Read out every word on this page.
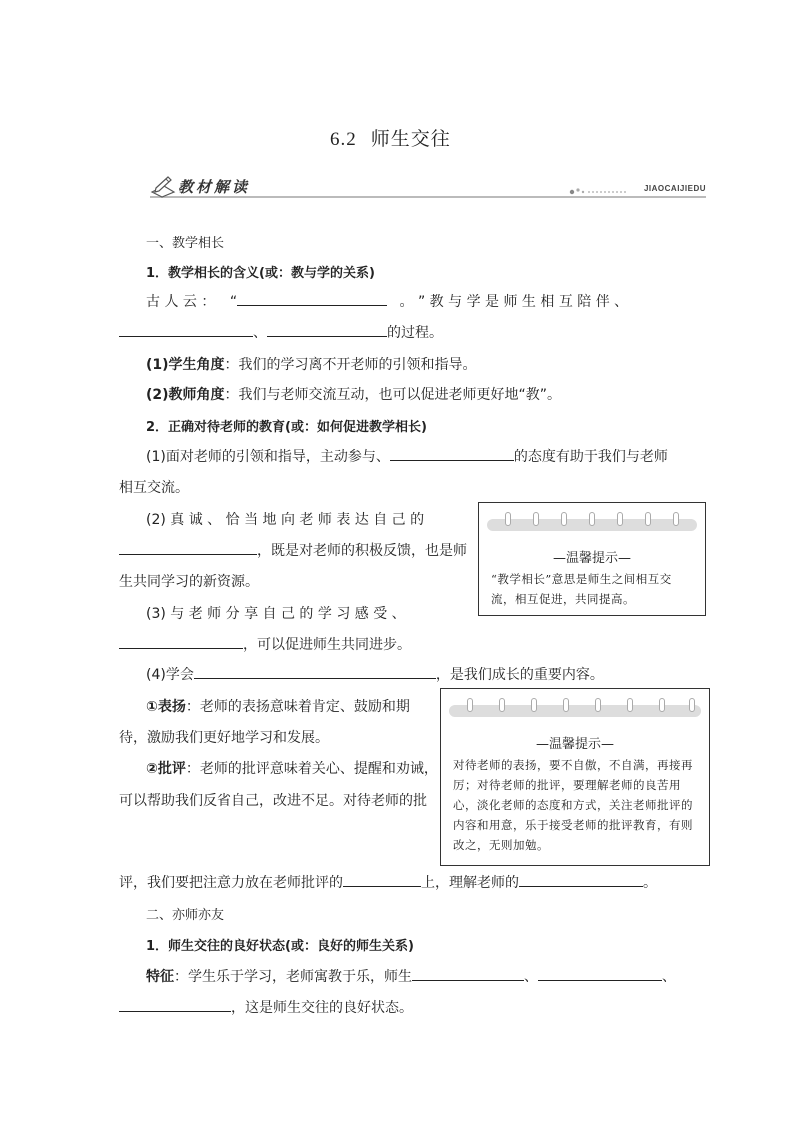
6.2 师生交往
教材解读	JIAOCAIJIEDU
一、教学相长
1．教学相长的含义(或：教与学的关系)
古 人 云 ： “	。 ” 教 与 学 是 师 生 相 互 陪 伴 、
、	的过程。
(1)学生角度：我们的学习离不开老师的引领和指导。
(2)教师角度：我们与老师交流互动，也可以促进老师更好地“教”。
2．正确对待老师的教育(或：如何促进教学相长)
(1)面对老师的引领和指导，主动参与、	的态度有助于我们与老师
相互交流。
(2) 真 诚 、 恰 当 地 向 老 师 表 达 自 己 的
，既是对老师的积极反馈，也是师
生共同学习的新资源。
(3) 与 老 师 分 享 自 己 的 学 习 感 受 、
，可以促进师生共同进步。
(4)学会	，是我们成长的重要内容。
①表扬：老师的表扬意味着肯定、鼓励和期
待，激励我们更好地学习和发展。
②批评：老师的批评意味着关心、提醒和劝诫，
可以帮助我们反省自己，改进不足。对待老师的批
评，我们要把注意力放在老师批评的	上，理解老师的	。
—温馨提示—
“教学相长”意思是师生之间相互交流，相互促进，共同提高。
—温馨提示—
对待老师的表扬，要不自傲，不自满，再接再厉；对待老师的批评，要理解老师的良苦用心，淡化老师的态度和方式，关注老师批评的内容和用意，乐于接受老师的批评教育，有则改之，无则加勉。
二、亦师亦友
1．师生交往的良好状态(或：良好的师生关系)
特征：学生乐于学习，老师寓教于乐，师生	、	、
，这是师生交往的良好状态。
